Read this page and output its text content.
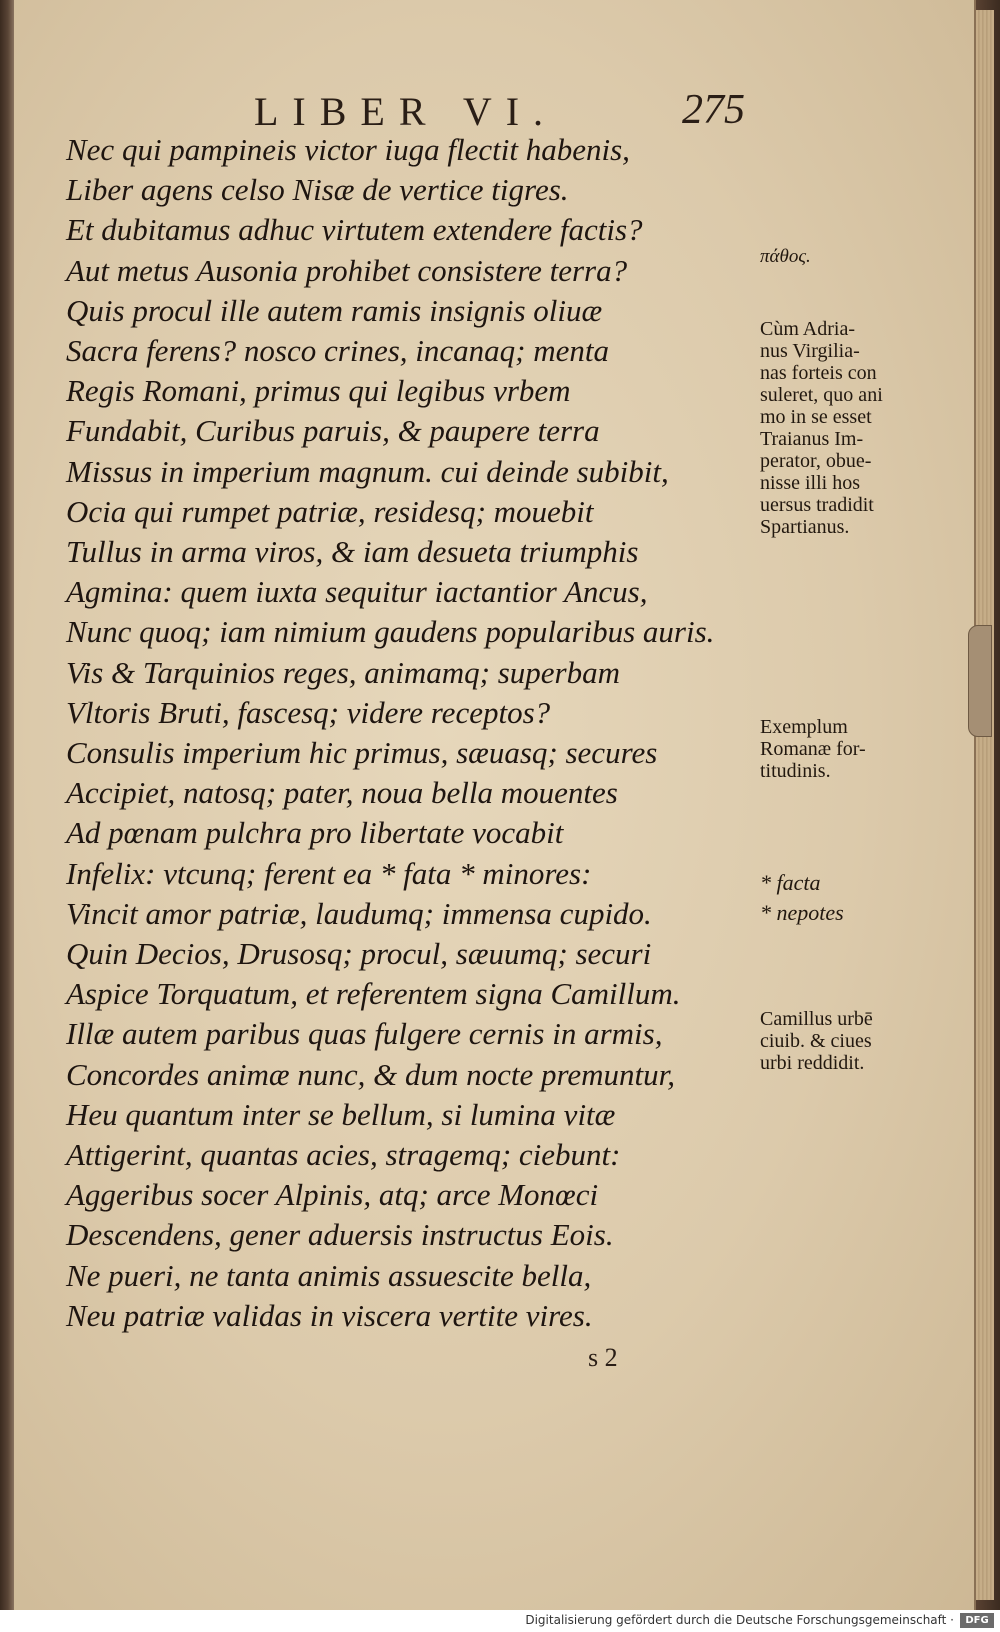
LIBER VI.	275
Nec qui pampineis victor iuga flectit habenis,
Liber agens celso Nisæ de vertice tigres.
Et dubitamus adhuc virtutem extendere factis?
Aut metus Ausonia prohibet consistere terra?
Quis procul ille autem ramis insignis oliuæ
Sacra ferens? nosco crines, incanaq; menta
Regis Romani, primus qui legibus vrbem
Fundabit, Curibus paruis, & paupere terra
Missus in imperium magnum. cui deinde subibit,
Ocia qui rumpet patriæ, residesq; mouebit
Tullus in arma viros, & iam desueta triumphis
Agmina: quem iuxta sequitur iactantior Ancus,
Nunc quoq; iam nimium gaudens popularibus auris.
Vis & Tarquinios reges, animamq; superbam
Vltoris Bruti, fascesq; videre receptos?
Consulis imperium hic primus, sæuasq; secures
Accipiet, natosq; pater, noua bella mouentes
Ad pœnam pulchra pro libertate vocabit
Infelix: vtcunq; ferent ea * fata * minores:
Vincit amor patriæ, laudumq; immensa cupido.
Quin Decios, Drusosq; procul, sæuumq; securi
Aspice Torquatum, et referentem signa Camillum.
Illæ autem paribus quas fulgere cernis in armis,
Concordes animæ nunc, & dum nocte premuntur,
Heu quantum inter se bellum, si lumina vitæ
Attigerint, quantas acies, stragemq; ciebunt:
Aggeribus socer Alpinis, atq; arce Monœci
Descendens, gener aduersis instructus Eois.
Ne pueri, ne tanta animis assuescite bella,
Neu patriæ validas in viscera vertite vires.
πάθος.
Cùm Adria-
nus Virgilia-
nas forteis con
suleret, quo ani
mo in se esset
Traianus Im-
perator, obue-
nisse illi hos
uersus tradidit
Spartianus.
Exemplum
Romanæ for-
titudinis.
* facta
* nepotes
Camillus urbē
ciuib. & ciues
urbi reddidit.
s 2
Digitalisierung gefördert durch die Deutsche Forschungsgemeinschaft ·	DFG
